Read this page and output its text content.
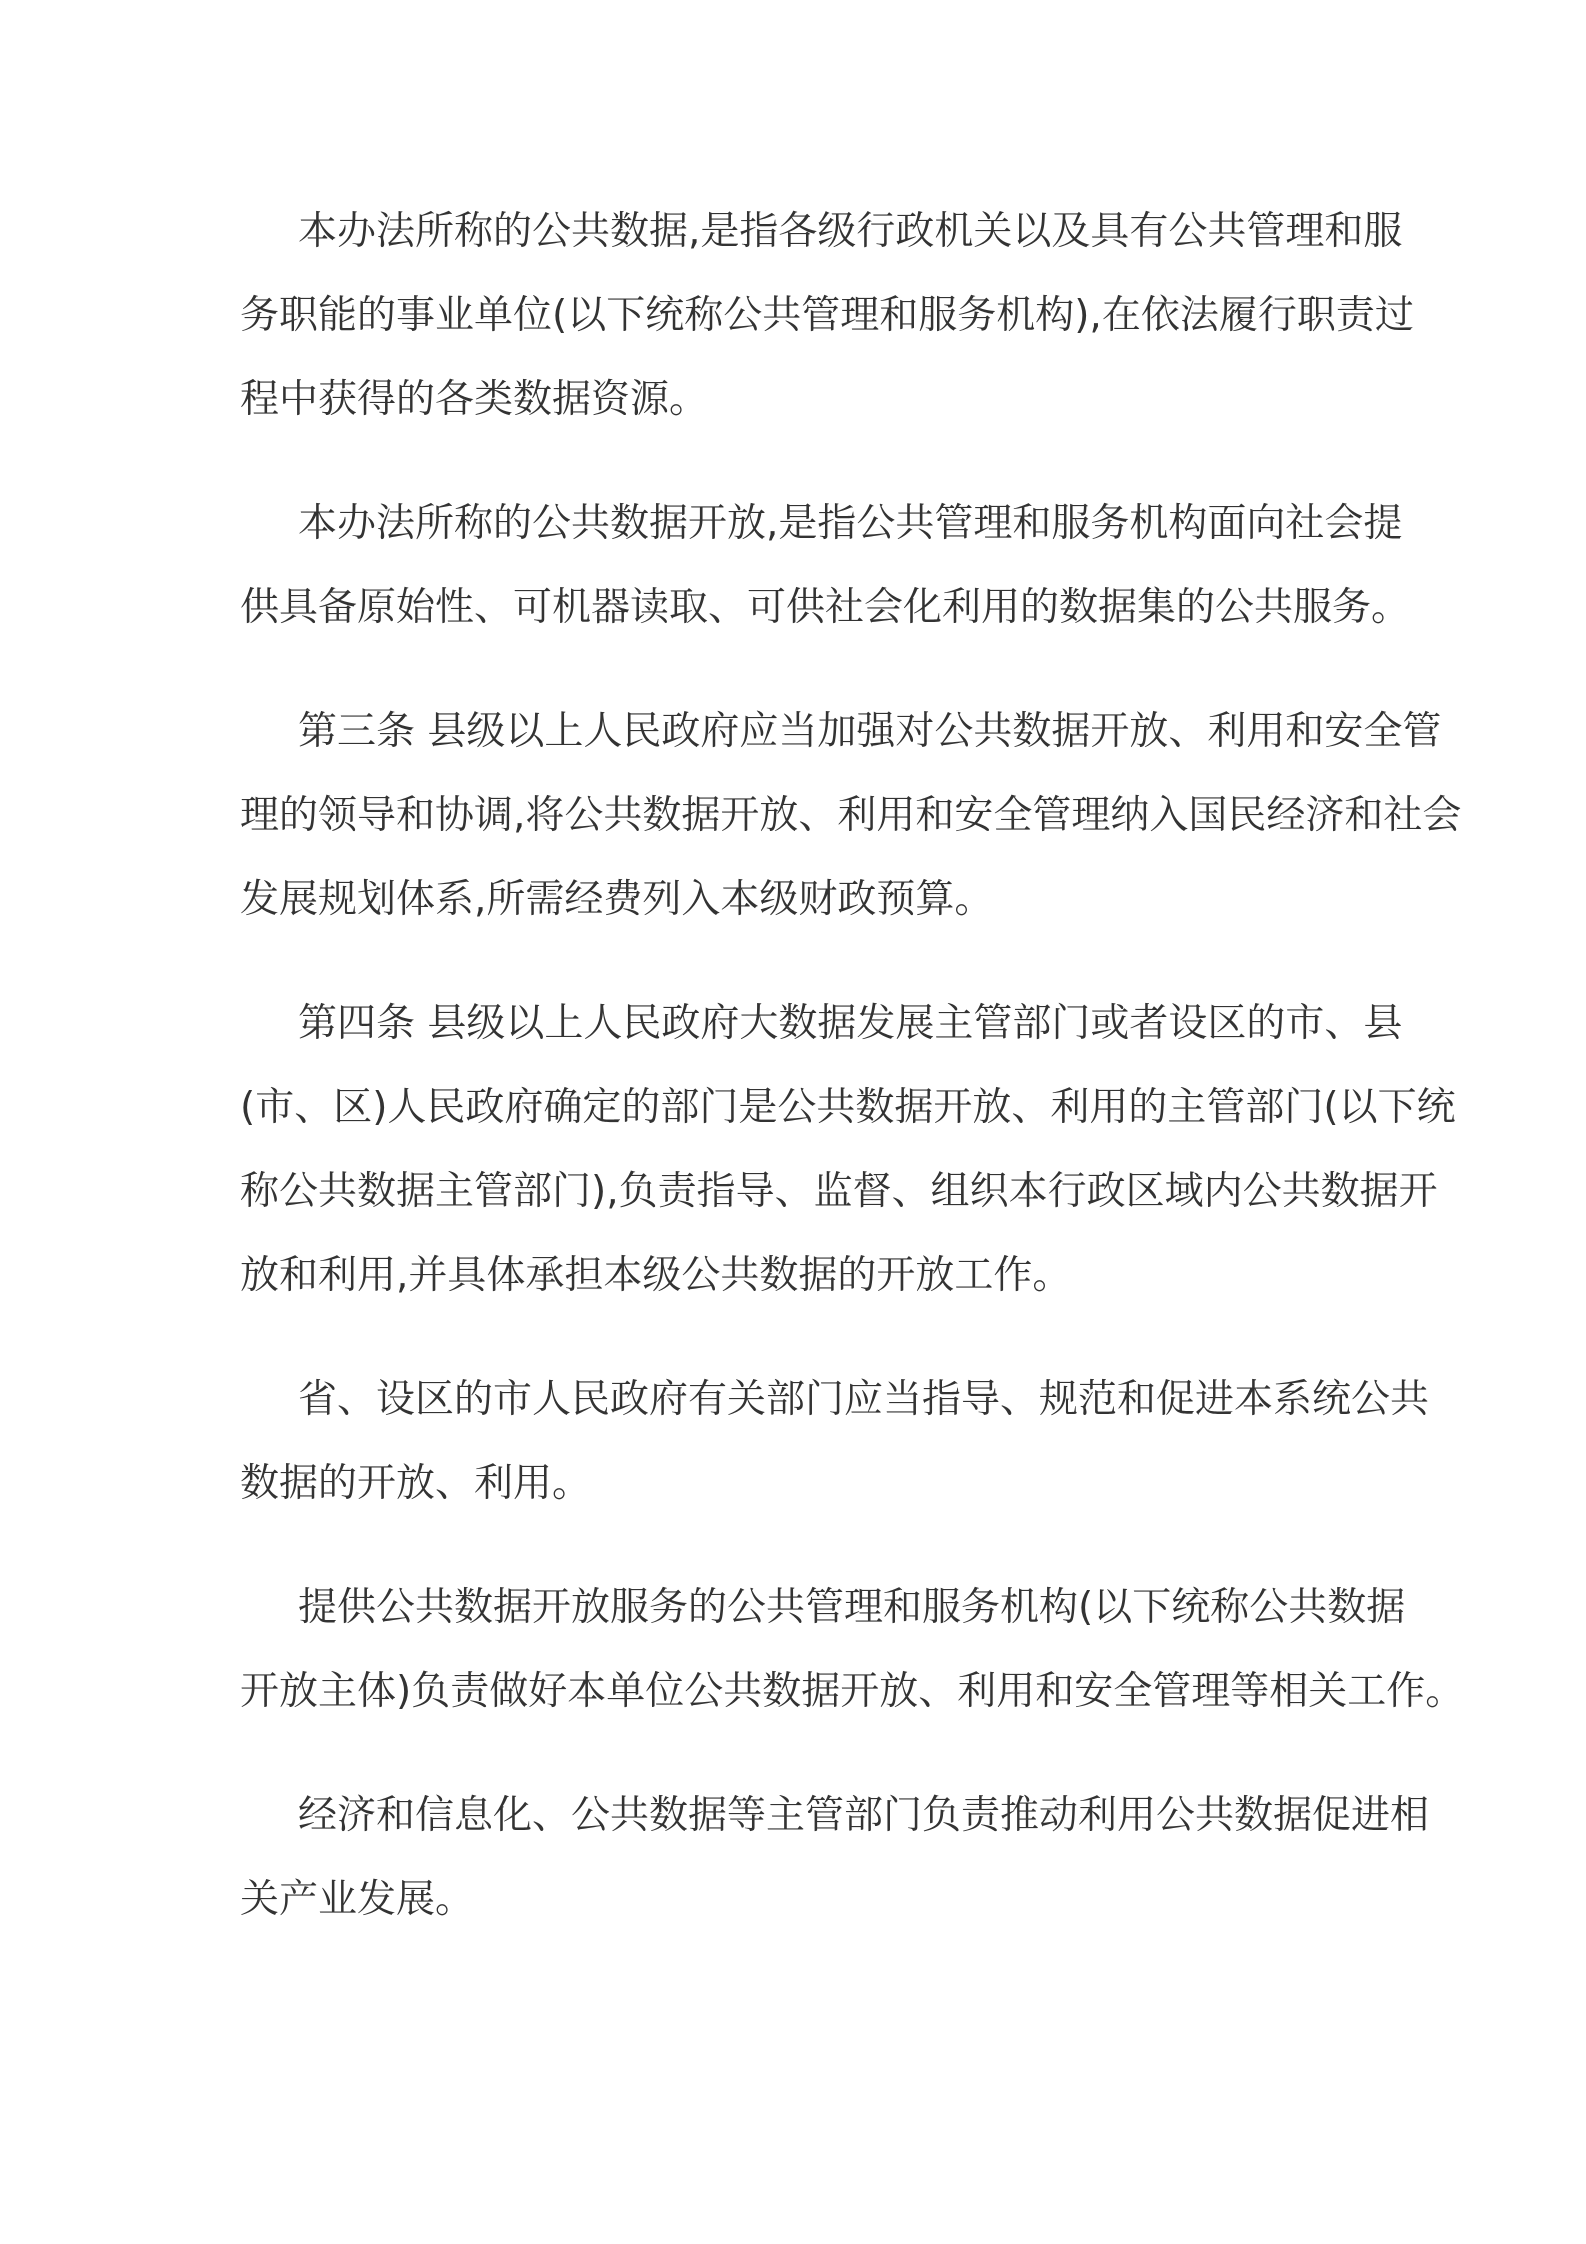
本办法所称的公共数据,是指各级行政机关以及具有公共管理和服
务职能的事业单位(以下统称公共管理和服务机构),在依法履行职责过
程中获得的各类数据资源。
本办法所称的公共数据开放,是指公共管理和服务机构面向社会提
供具备原始性、可机器读取、可供社会化利用的数据集的公共服务。
第三条 县级以上人民政府应当加强对公共数据开放、利用和安全管
理的领导和协调,将公共数据开放、利用和安全管理纳入国民经济和社会
发展规划体系,所需经费列入本级财政预算。
第四条 县级以上人民政府大数据发展主管部门或者设区的市、县
(市、区)人民政府确定的部门是公共数据开放、利用的主管部门(以下统
称公共数据主管部门),负责指导、监督、组织本行政区域内公共数据开
放和利用,并具体承担本级公共数据的开放工作。
省、设区的市人民政府有关部门应当指导、规范和促进本系统公共
数据的开放、利用。
提供公共数据开放服务的公共管理和服务机构(以下统称公共数据
开放主体)负责做好本单位公共数据开放、利用和安全管理等相关工作。
经济和信息化、公共数据等主管部门负责推动利用公共数据促进相
关产业发展。
